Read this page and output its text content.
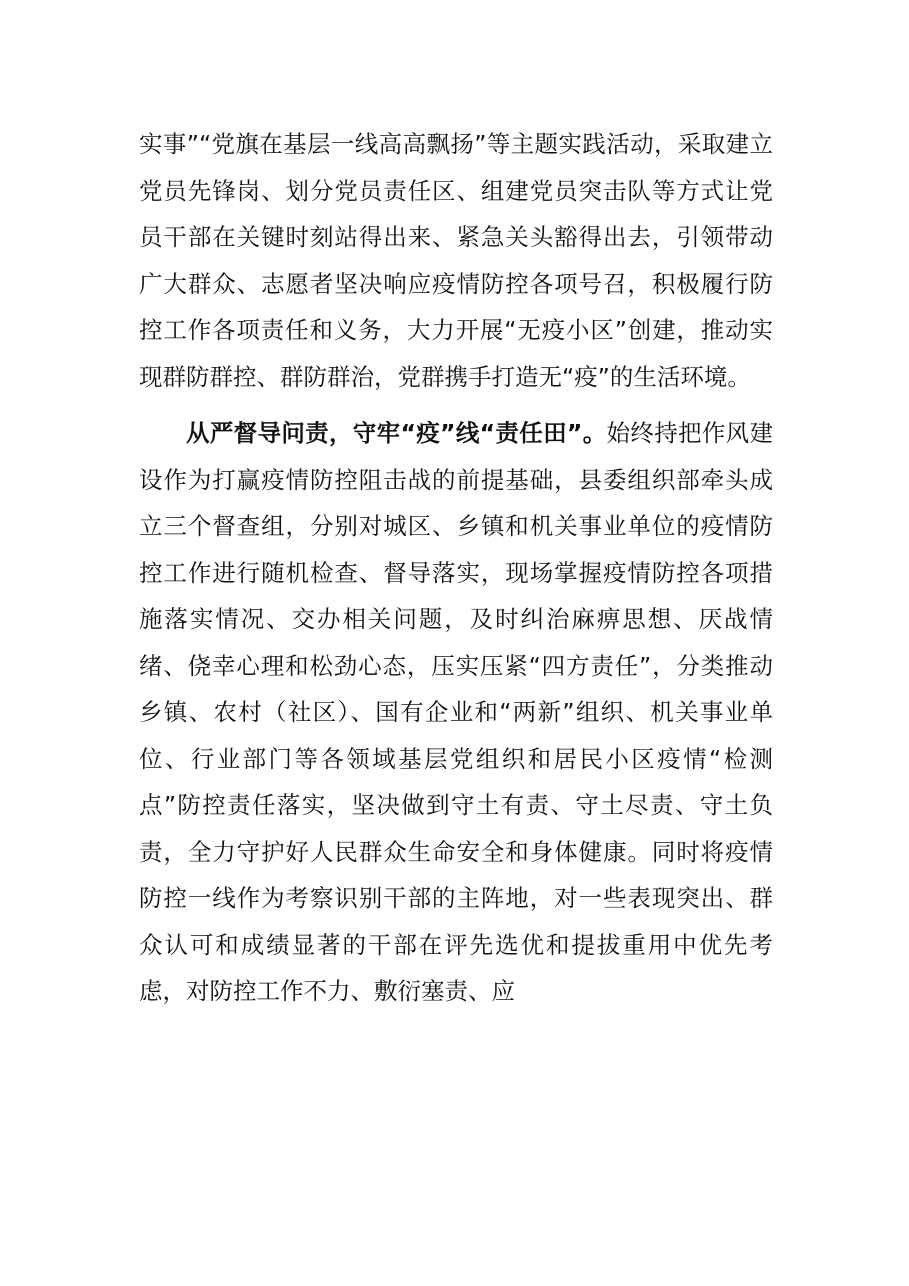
实事”“党旗在基层一线高高飘扬”等主题实践活动，采取建立党员先锋岗、划分党员责任区、组建党员突击队等方式让党员干部在关键时刻站得出来、紧急关头豁得出去，引领带动广大群众、志愿者坚决响应疫情防控各项号召，积极履行防控工作各项责任和义务，大力开展“无疫小区”创建，推动实现群防群控、群防群治，党群携手打造无“疫”的生活环境。

从严督导问责，守牢“疫”线“责任田”。始终持把作风建设作为打赢疫情防控阻击战的前提基础，县委组织部牵头成立三个督查组，分别对城区、乡镇和机关事业单位的疫情防控工作进行随机检查、督导落实，现场掌握疫情防控各项措施落实情况、交办相关问题，及时纠治麻痹思想、厌战情绪、侥幸心理和松劲心态，压实压紧“四方责任”，分类推动乡镇、农村（社区）、国有企业和“两新”组织、机关事业单位、行业部门等各领域基层党组织和居民小区疫情“检测点”防控责任落实，坚决做到守土有责、守土尽责、守土负责，全力守护好人民群众生命安全和身体健康。同时将疫情防控一线作为考察识别干部的主阵地，对一些表现突出、群众认可和成绩显著的干部在评先选优和提拔重用中优先考虑，对防控工作不力、敷衍塞责、应
